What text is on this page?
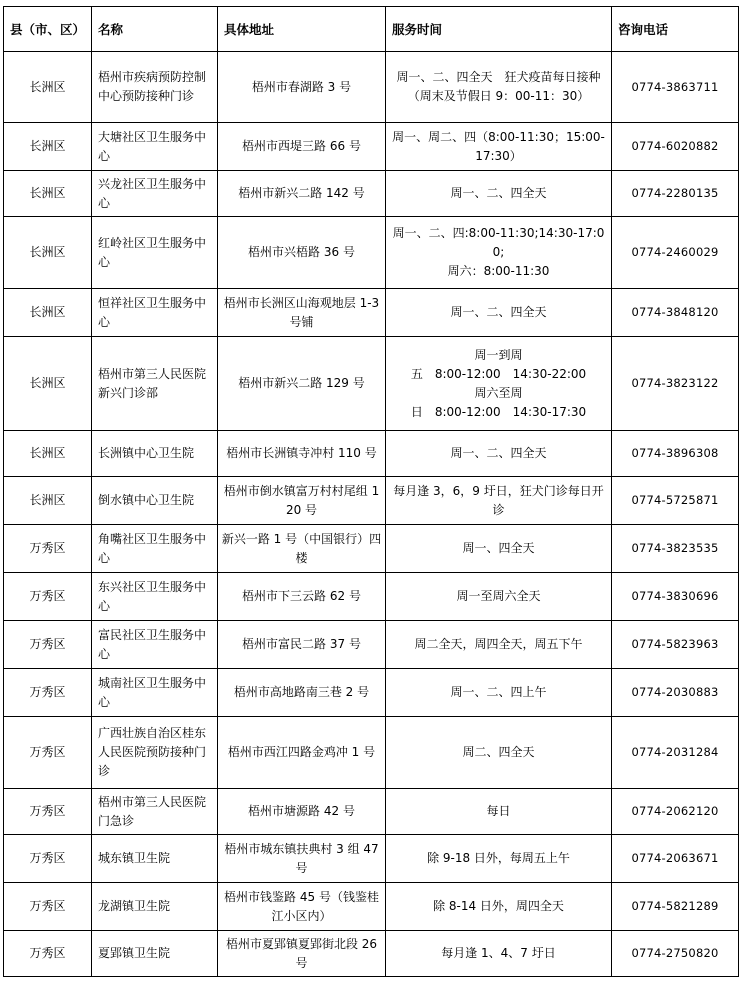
县（市、区）	名称	具体地址	服务时间	咨询电话
长洲区	梧州市疾病预防控制中心预防接种门诊	梧州市春湖路 3 号	周一、二、四全天　狂犬疫苗每日接种（周末及节假日 9：00-11：30）	0774-3863711
长洲区	大塘社区卫生服务中心	梧州市西堤三路 66 号	周一、周二、四（8:00-11:30；15:00-17:30）	0774-6020882
长洲区	兴龙社区卫生服务中心	梧州市新兴二路 142 号	周一、二、四全天	0774-2280135
长洲区	红岭社区卫生服务中心	梧州市兴梧路 36 号	周一、二、四:8:00-11:30;14:30-17:00;
周六：8:00-11:30	0774-2460029
长洲区	恒祥社区卫生服务中心	梧州市长洲区山海观地层 1-3 号铺	周一、二、四全天	0774-3848120
长洲区	梧州市第三人民医院新兴门诊部	梧州市新兴二路 129 号	周一到周
五　8:00-12:00　14:30-22:00
周六至周
日　8:00-12:00　14:30-17:30	0774-3823122
长洲区	长洲镇中心卫生院	梧州市长洲镇寺冲村 110 号	周一、二、四全天	0774-3896308
长洲区	倒水镇中心卫生院	梧州市倒水镇富万村村尾组 120 号	每月逢 3，6，9 圩日，狂犬门诊每日开诊	0774-5725871
万秀区	角嘴社区卫生服务中心	新兴一路 1 号（中国银行）四楼	周一、四全天	0774-3823535
万秀区	东兴社区卫生服务中心	梧州市下三云路 62 号	周一至周六全天	0774-3830696
万秀区	富民社区卫生服务中心	梧州市富民二路 37 号	周二全天，周四全天，周五下午	0774-5823963
万秀区	城南社区卫生服务中心	梧州市高地路南三巷 2 号	周一、二、四上午	0774-2030883
万秀区	广西壮族自治区桂东人民医院预防接种门诊	梧州市西江四路金鸡冲 1 号	周二、四全天	0774-2031284
万秀区	梧州市第三人民医院门急诊	梧州市塘源路 42 号	每日	0774-2062120
万秀区	城东镇卫生院	梧州市城东镇扶典村 3 组 47 号	除 9-18 日外，每周五上午	0774-2063671
万秀区	龙湖镇卫生院	梧州市钱鉴路 45 号（钱鉴桂江小区内）	除 8-14 日外，周四全天	0774-5821289
万秀区	夏郢镇卫生院	梧州市夏郢镇夏郢街北段 26 号	每月逢 1、4、7 圩日	0774-2750820
